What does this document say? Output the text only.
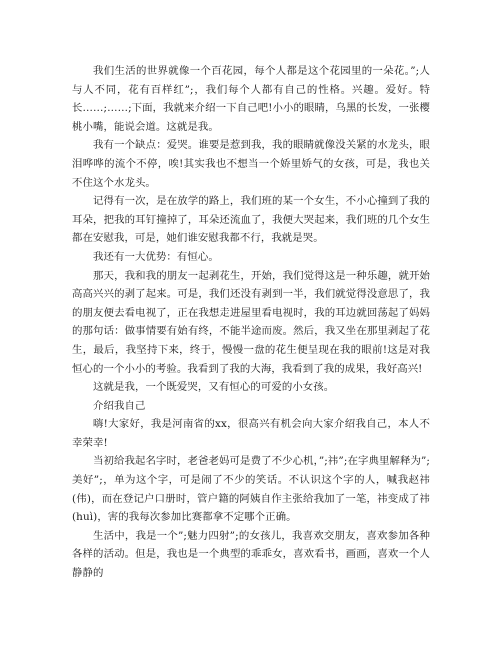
我们生活的世界就像一个百花园，每个人都是这个花园里的一朵花。”;人与人不同，花有百样红”;，我们每个人都有自己的性格。兴趣。爱好。特长……;……;下面，我就来介绍一下自己吧!小小的眼睛，乌黑的长发，一张樱桃小嘴，能说会道。这就是我。

我有一个缺点：爱哭。谁要是惹到我，我的眼睛就像没关紧的水龙头，眼泪哗哗的流个不停，唉!其实我也不想当一个娇里娇气的女孩，可是，我也关不住这个水龙头。

记得有一次，是在放学的路上，我们班的某一个女生，不小心撞到了我的耳朵，把我的耳钉撞掉了，耳朵还流血了，我便大哭起来，我们班的几个女生都在安慰我，可是，她们谁安慰我都不行，我就是哭。

我还有一大优势：有恒心。

那天，我和我的朋友一起剥花生，开始，我们觉得这是一种乐趣，就开始高高兴兴的剥了起来。可是，我们还没有剥到一半，我们就觉得没意思了，我的朋友便去看电视了，正在我想走进屋里看电视时，我的耳边就回荡起了妈妈的那句话：做事情要有始有终，不能半途而废。然后，我又坐在那里剥起了花生，最后，我坚持下来，终于，慢慢一盘的花生便呈现在我的眼前!这是对我恒心的一个小小的考验。我看到了我的大海，我看到了我的成果，我好高兴!

这就是我，一个既爱哭，又有恒心的可爱的小女孩。

介绍我自己

嗨!大家好，我是河南省的xx，很高兴有机会向大家介绍我自己，本人不幸荣幸!

当初给我起名字时，老爸老妈可是费了不少心机，”;祎”;在字典里解释为”;美好”;，单为这个字，可是闹了不少的笑话。不认识这个字的人，喊我赵祎(伟)，而在登记户口册时，管户籍的阿姨自作主张给我加了一笔，祎变成了祎(huì)，害的我每次参加比赛都拿不定哪个正确。

生活中，我是一个”;魅力四射”;的女孩儿，我喜欢交朋友，喜欢参加各种各样的活动。但是，我也是一个典型的乖乖女，喜欢看书，画画，喜欢一个人静静的
